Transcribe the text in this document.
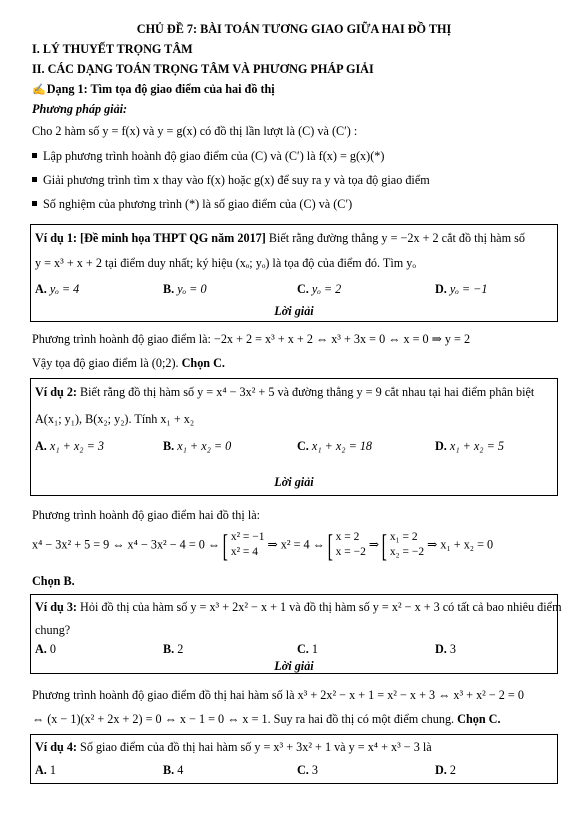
CHỦ ĐỀ 7: BÀI TOÁN TƯƠNG GIAO GIỮA HAI ĐỒ THỊ
I. LÝ THUYẾT TRỌNG TÂM
II. CÁC DẠNG TOÁN TRỌNG TÂM VÀ PHƯƠNG PHÁP GIẢI
✍Dạng 1: Tìm tọa độ giao điểm của hai đồ thị
Phương pháp giải:
Cho 2 hàm số y = f(x) và y = g(x) có đồ thị lần lượt là (C) và (C′) :
Lập phương trình hoành độ giao điểm của (C) và (C′) là f(x) = g(x)(*)
Giải phương trình tìm x thay vào f(x) hoặc g(x) để suy ra y và tọa độ giao điểm
Số nghiệm của phương trình (*) là số giao điểm của (C) và (C′)
Ví dụ 1: [Đề minh họa THPT QG năm 2017] Biết rằng đường thẳng y = −2x + 2 cắt đồ thị hàm số
y = x³ + x + 2 tại điểm duy nhất; ký hiệu (xₒ; yₒ) là tọa độ của điểm đó. Tìm yₒ
A. yₒ = 4	B. yₒ = 0	C. yₒ = 2	D. yₒ = −1
Lời giải
Phương trình hoành độ giao điểm là: −2x + 2 = x³ + x + 2 ⇔ x³ + 3x = 0 ⇔ x = 0 ⇒ y = 2
Vậy tọa độ giao điểm là (0;2). Chọn C.
Ví dụ 2: Biết rằng đồ thị hàm số y = x⁴ − 3x² + 5 và đường thẳng y = 9 cắt nhau tại hai điểm phân biệt
A(x₁; y₁), B(x₂; y₂). Tính x₁ + x₂
A. x₁ + x₂ = 3	B. x₁ + x₂ = 0	C. x₁ + x₂ = 18	D. x₁ + x₂ = 5
Lời giải
Phương trình hoành độ giao điểm hai đồ thị là:
x⁴ − 3x² + 5 = 9 ⇔ x⁴ − 3x² − 4 = 0 ⇔ [ x² = −1
x² = 4
⇒ x² = 4 ⇔ [ x = 2
x = −2
⇒ [ x₁ = 2
x₂ = −2
⇒ x₁ + x₂ = 0
Chọn B.
Ví dụ 3: Hỏi đồ thị của hàm số y = x³ + 2x² − x + 1 và đồ thị hàm số y = x² − x + 3 có tất cả bao nhiêu điểm
chung?
A. 0	B. 2	C. 1	D. 3
Lời giải
Phương trình hoành độ giao điểm đồ thị hai hàm số là x³ + 2x² − x + 1 = x² − x + 3 ⇔ x³ + x² − 2 = 0
⇔ (x − 1)(x² + 2x + 2) = 0 ⇔ x − 1 = 0 ⇔ x = 1. Suy ra hai đồ thị có một điểm chung. Chọn C.
Ví dụ 4: Số giao điểm của đồ thị hai hàm số y = x³ + 3x² + 1 và y = x⁴ + x³ − 3 là
A. 1	B. 4	C. 3	D. 2
